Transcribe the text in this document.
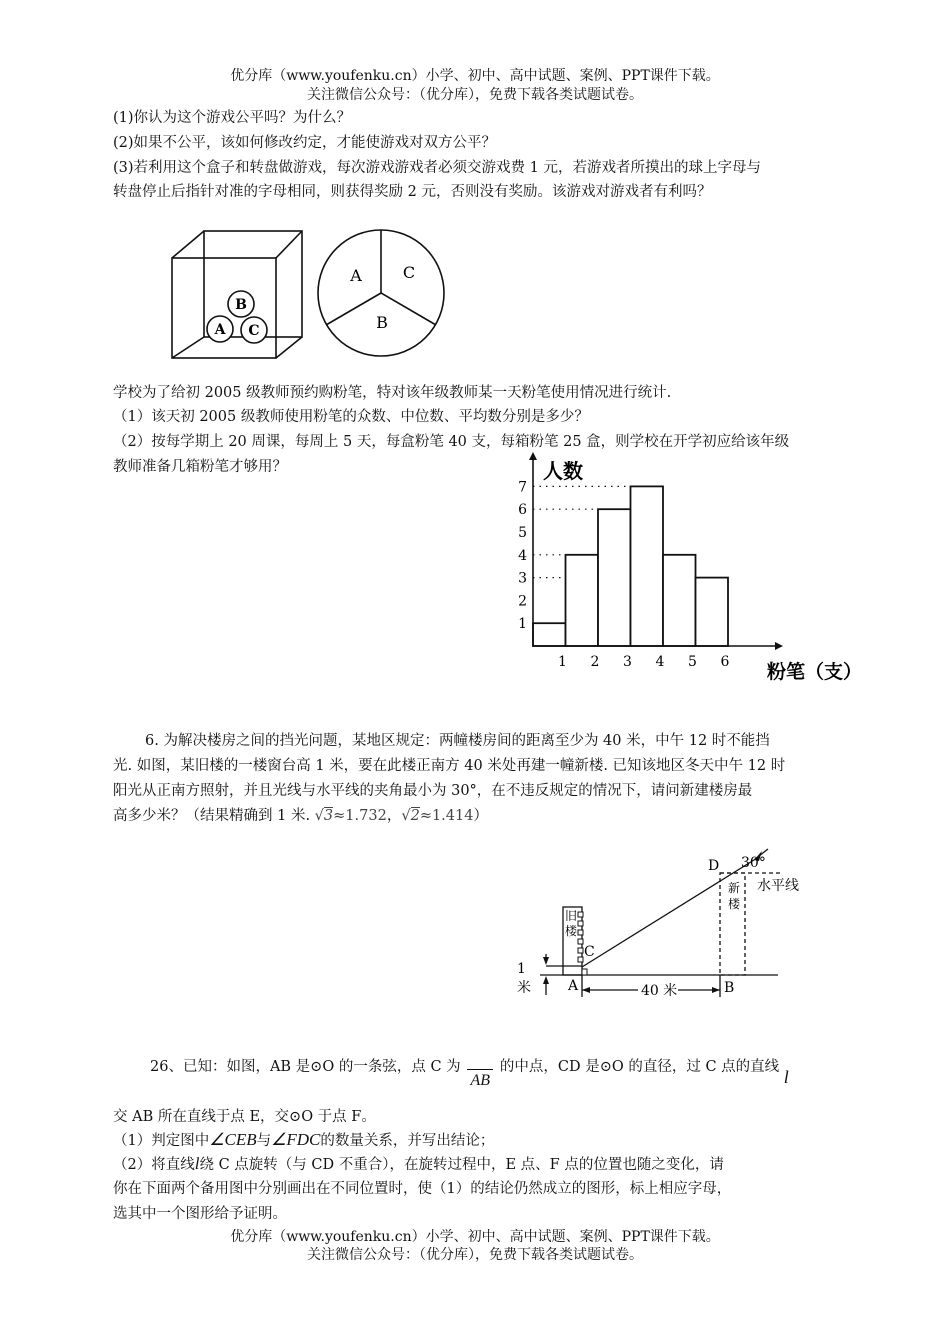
优分库（www.youfenku.cn）小学、初中、高中试题、案例、PPT课件下载。
关注微信公众号：（优分库），免费下载各类试题试卷。
(1)你认为这个游戏公平吗？为什么？
(2)如果不公平，该如何修改约定，才能使游戏对双方公平？
(3)若利用这个盒子和转盘做游戏，每次游戏游戏者必须交游戏费 1 元，若游戏者所摸出的球上字母与
转盘停止后指针对准的字母相同，则获得奖励 2 元，否则没有奖励。该游戏对游戏者有利吗？
B
A C
A	C
B
学校为了给初 2005 级教师预约购粉笔，特对该年级教师某一天粉笔使用情况进行统计.
（1）该天初 2005 级教师使用粉笔的众数、中位数、平均数分别是多少？
（2）按每学期上 20 周课，每周上 5 天，每盒粉笔 40 支，每箱粉笔 25 盒，则学校在开学初应给该年级
教师准备几箱粉笔才够用？	人数
粉笔（支）
1
2
3
4
5
6
7
1 2 3 4 5 6
6. 为解决楼房之间的挡光问题，某地区规定：两幢楼房间的距离至少为 40 米，中午 12 时不能挡
光. 如图，某旧楼的一楼窗台高 1 米，要在此楼正南方 40 米处再建一幢新楼. 已知该地区冬天中午 12 时
阳光从正南方照射，并且光线与水平线的夹角最小为 30°，在不违反规定的情况下，请问新建楼房最
高多少米？（结果精确到 1 米. √3≈1.732，√2≈1.414）
D 30°
新
楼
水平线
旧
楼
C
1
米	A	40 米	B
26、已知：如图，AB 是⊙O 的一条弦，点 C 为
AB 的中点，CD 是⊙O 的直径，过 C 点的直线 l
交 AB 所在直线于点 E，交⊙O 于点 F。
（1）判定图中∠CEB与∠FDC的数量关系，并写出结论；
（2）将直线l绕 C 点旋转（与 CD 不重合），在旋转过程中，E 点、F 点的位置也随之变化，请
你在下面两个备用图中分别画出在不同位置时，使（1）的结论仍然成立的图形，标上相应字母，
选其中一个图形给予证明。
优分库（www.youfenku.cn）小学、初中、高中试题、案例、PPT课件下载。
关注微信公众号：（优分库），免费下载各类试题试卷。
